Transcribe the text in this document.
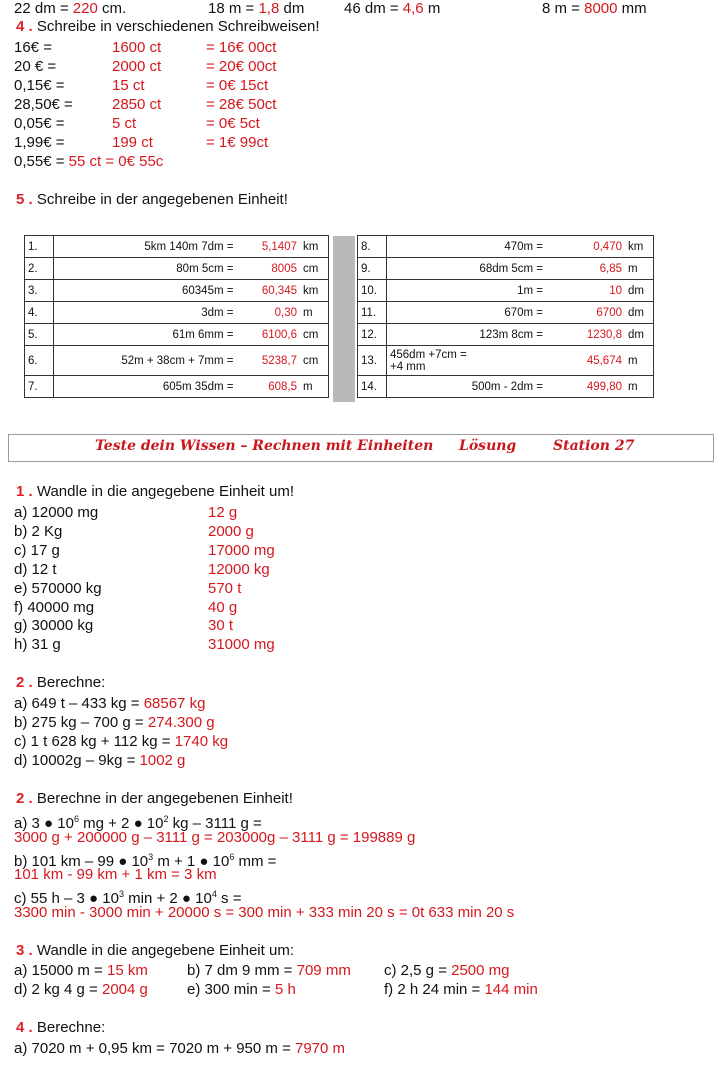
22 dm = 220 cm.	18 m = 1,8 dm	46 dm = 4,6 m	8 m = 8000 mm
4 . Schreibe in verschiedenen Schreibweisen!
16€ =	1600 ct	= 16€ 00ct
20 € =	2000 ct	= 20€ 00ct
0,15€ =	15 ct	= 0€ 15ct
28,50€ =	2850 ct	= 28€ 50ct
0,05€ =	5 ct	= 0€ 5ct
1,99€ =	199 ct	= 1€ 99ct
0,55€ = 55 ct = 0€ 55c
5 . Schreibe in der angegebenen Einheit!
1.	5km 140m 7dm =	5,1407	km
2.	80m 5cm =	8005	cm
3.	60345m =	60,345	km
4.	3dm =	0,30	m
5.	61m 6mm =	6100,6	cm
6.	52m + 38cm + 7mm =	5238,7	cm
7.	605m 35dm =	608,5	m
8.	470m =	0,470	km
9.	68dm 5cm =	6,85	m
10.	1m =	10	dm
11.	670m =	6700	dm
12.	123m 8cm =	1230,8	dm
13.	456dm +7cm =
+4 mm	45,674	m
14.	500m - 2dm =	499,80	m
Teste dein Wissen – Rechnen mit Einheiten Lösung	Station 27
1 . Wandle in die angegebene Einheit um!
a) 12000 mg	12 g
b) 2 Kg	2000 g
c) 17 g	17000 mg
d) 12 t	12000 kg
e) 570000 kg	570 t
f) 40000 mg	40 g
g) 30000 kg	30 t
h) 31 g	31000 mg
2 . Berechne:
a) 649 t – 433 kg = 68567 kg
b) 275 kg – 700 g = 274.300 g
c) 1 t 628 kg + 112 kg = 1740 kg
d) 10002g – 9kg = 1002 g
2 . Berechne in der angegebenen Einheit!
a) 3 ● $10^6$ mg + 2 ● $10^2$ kg – 3111 g =
3000 g + 200000 g – 3111 g = 203000g – 3111 g = 199889 g
b) 101 km – 99 ● $10^3$ m + 1 ● $10^6$ mm =
101 km - 99 km + 1 km = 3 km
c) 55 h – 3 ● $10^3$ min + 2 ● $10^4$ s =
3300 min - 3000 min + 20000 s = 300 min + 333 min 20 s = 0t 633 min 20 s
3 . Wandle in die angegebene Einheit um:
a) 15000 m = 15 km	b) 7 dm 9 mm = 709 mm c) 2,5 g = 2500 mg
d) 2 kg 4 g = 2004 g	e) 300 min = 5 h	f) 2 h 24 min = 144 min
4 . Berechne:
a) 7020 m + 0,95 km = 7020 m + 950 m = 7970 m
